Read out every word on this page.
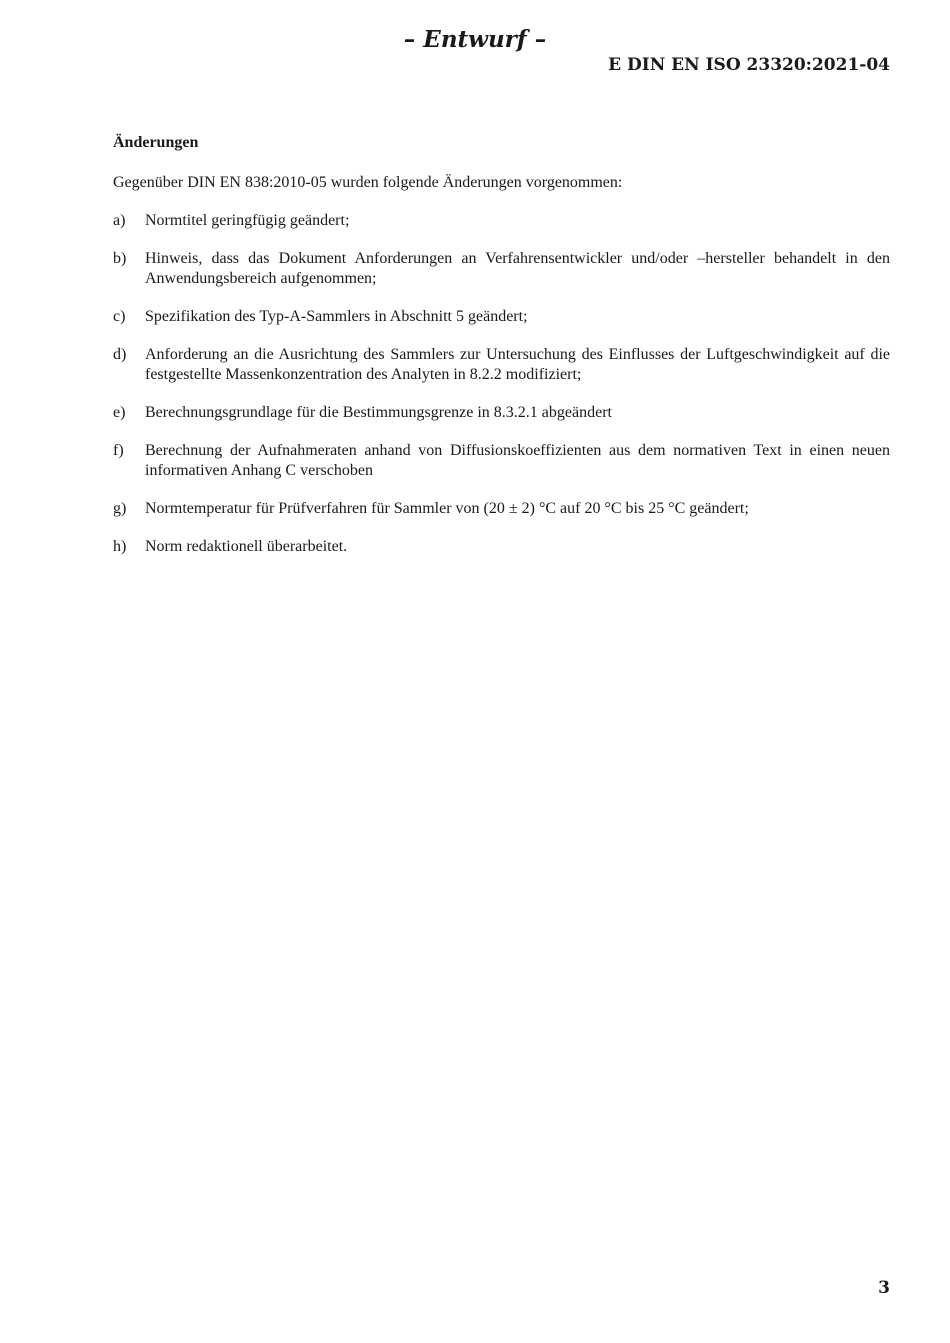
– Entwurf –
E DIN EN ISO 23320:2021-04
Änderungen
Gegenüber DIN EN 838:2010-05 wurden folgende Änderungen vorgenommen:
a)	Normtitel geringfügig geändert;
b)	Hinweis, dass das Dokument Anforderungen an Verfahrensentwickler und/oder –hersteller behandelt in den Anwendungsbereich aufgenommen;
c)	Spezifikation des Typ-A-Sammlers in Abschnitt 5 geändert;
d)	Anforderung an die Ausrichtung des Sammlers zur Untersuchung des Einflusses der Luftgeschwindigkeit auf die festgestellte Massenkonzentration des Analyten in 8.2.2 modifiziert;
e)	Berechnungsgrundlage für die Bestimmungsgrenze in 8.3.2.1 abgeändert
f)	Berechnung der Aufnahmeraten anhand von Diffusionskoeffizienten aus dem normativen Text in einen neuen informativen Anhang C verschoben
g)	Normtemperatur für Prüfverfahren für Sammler von (20 ± 2) °C auf 20 °C bis 25 °C geändert;
h)	Norm redaktionell überarbeitet.
3
